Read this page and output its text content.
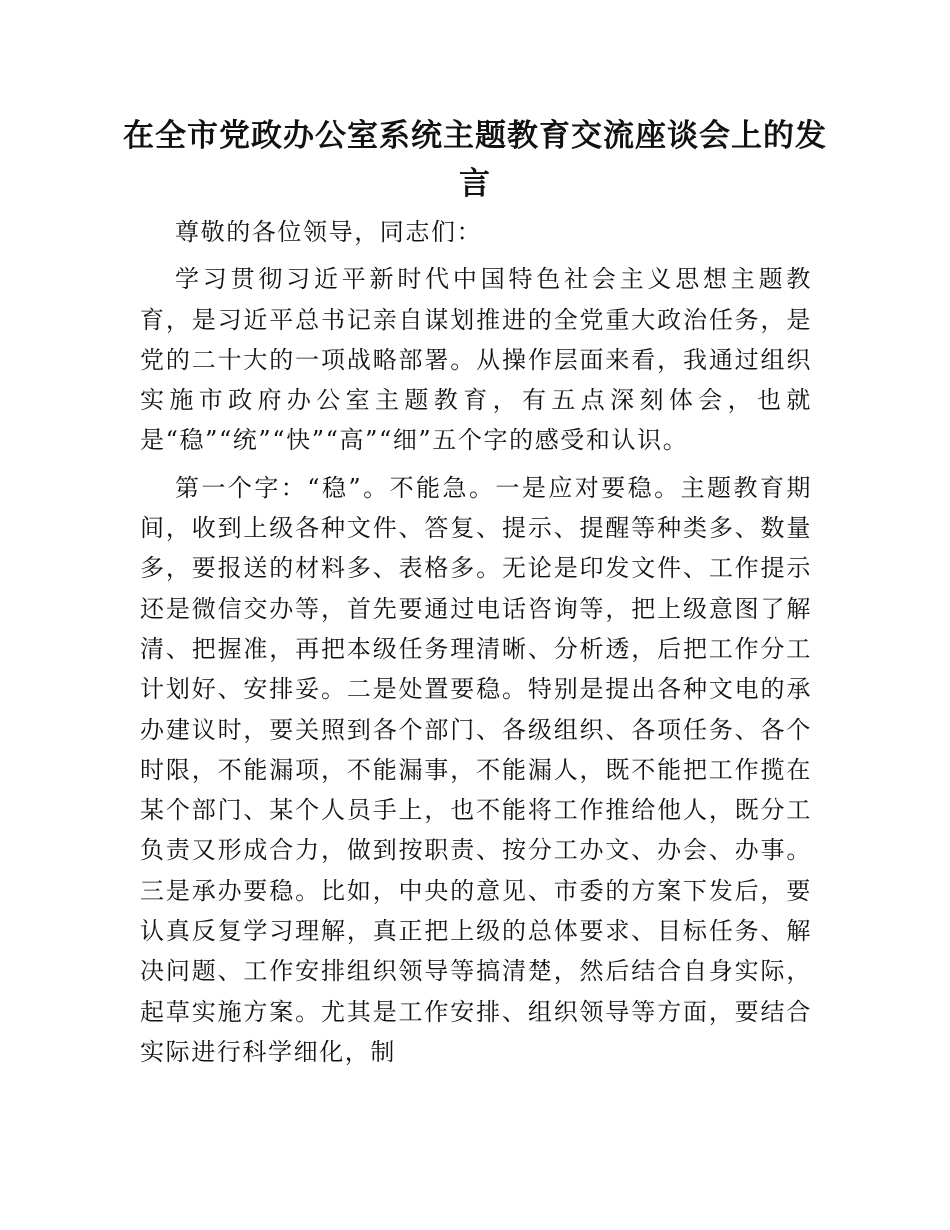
在全市党政办公室系统主题教育交流座谈会上的发言

尊敬的各位领导，同志们：

学习贯彻习近平新时代中国特色社会主义思想主题教育，是习近平总书记亲自谋划推进的全党重大政治任务，是党的二十大的一项战略部署。从操作层面来看，我通过组织实施市政府办公室主题教育，有五点深刻体会，也就是“稳”“统”“快”“高”“细”五个字的感受和认识。

第一个字：“稳”。不能急。一是应对要稳。主题教育期间，收到上级各种文件、答复、提示、提醒等种类多、数量多，要报送的材料多、表格多。无论是印发文件、工作提示还是微信交办等，首先要通过电话咨询等，把上级意图了解清、把握准，再把本级任务理清晰、分析透，后把工作分工计划好、安排妥。二是处置要稳。特别是提出各种文电的承办建议时，要关照到各个部门、各级组织、各项任务、各个时限，不能漏项，不能漏事，不能漏人，既不能把工作揽在某个部门、某个人员手上，也不能将工作推给他人，既分工负责又形成合力，做到按职责、按分工办文、办会、办事。三是承办要稳。比如，中央的意见、市委的方案下发后，要认真反复学习理解，真正把上级的总体要求、目标任务、解决问题、工作安排组织领导等搞清楚，然后结合自身实际，起草实施方案。尤其是工作安排、组织领导等方面，要结合实际进行科学细化，制
